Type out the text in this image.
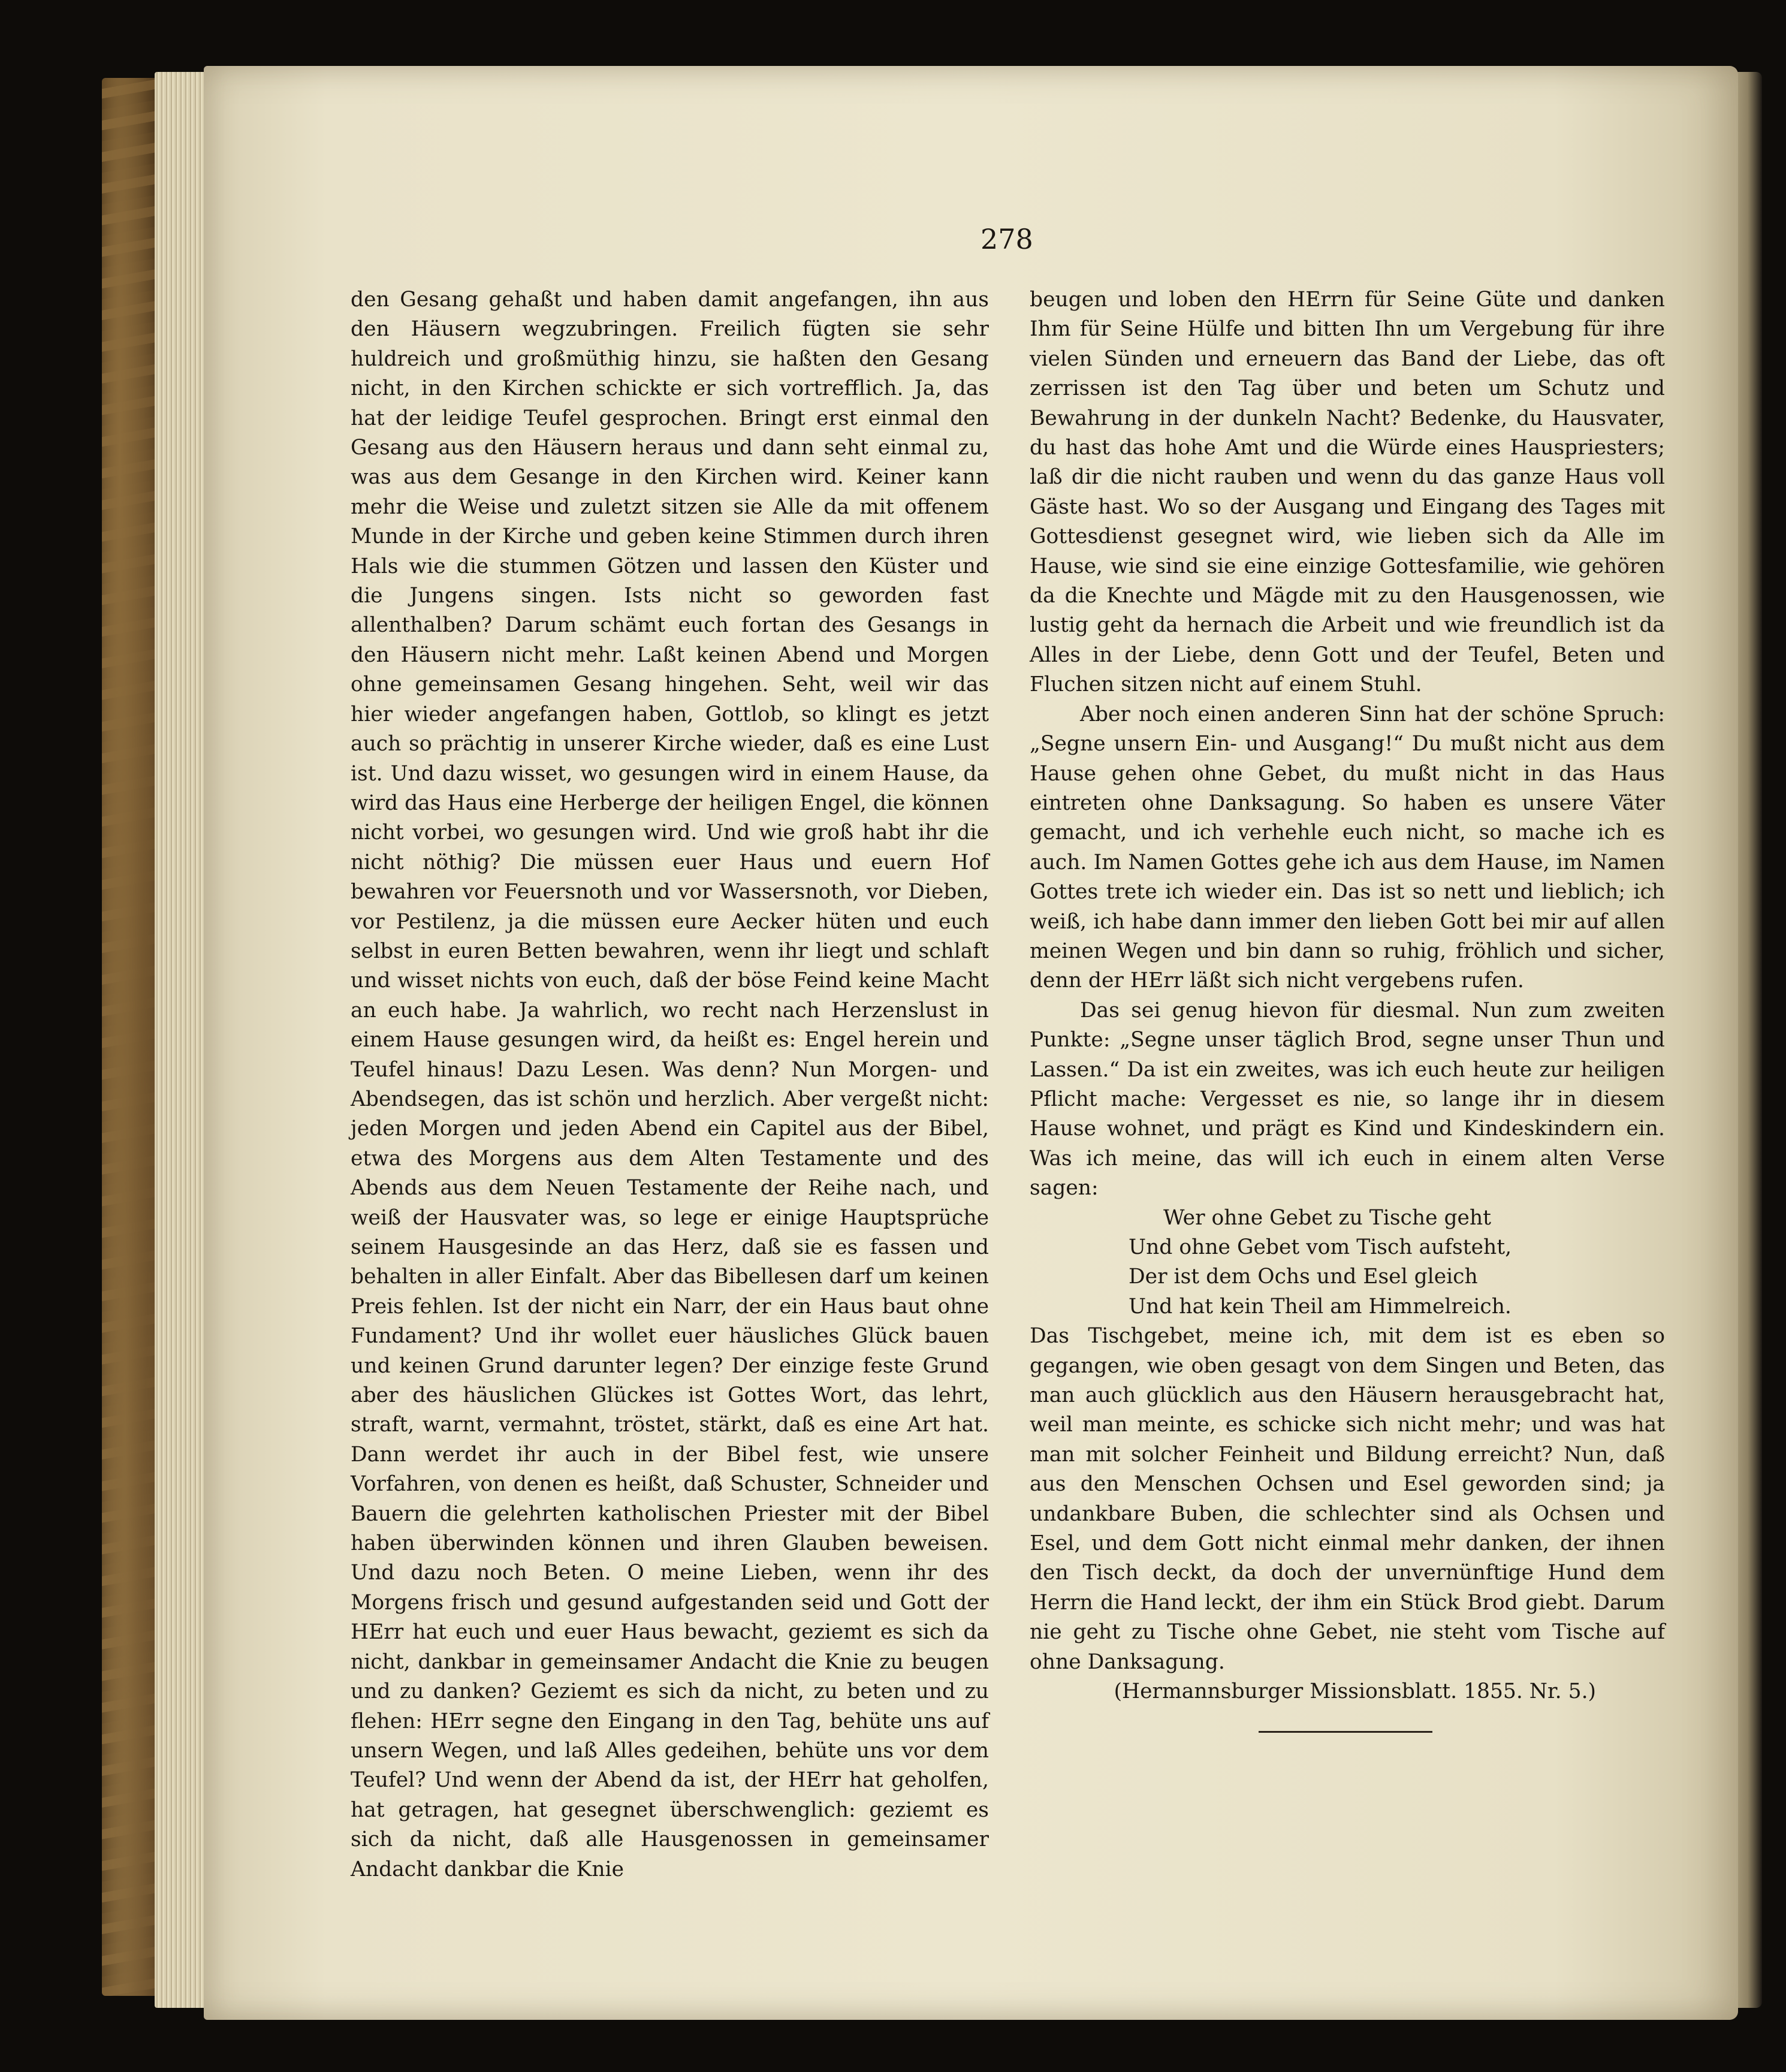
278

den Gesang gehaßt und haben damit angefangen, ihn aus den Häusern wegzubringen. Freilich fügten sie sehr huldreich und großmüthig hinzu, sie haßten den Gesang nicht, in den Kirchen schickte er sich vortrefflich. Ja, das hat der leidige Teufel gesprochen. Bringt erst einmal den Gesang aus den Häusern heraus und dann seht einmal zu, was aus dem Gesange in den Kirchen wird. Keiner kann mehr die Weise und zuletzt sitzen sie Alle da mit offenem Munde in der Kirche und geben keine Stimmen durch ihren Hals wie die stummen Götzen und lassen den Küster und die Jungens singen. Ists nicht so geworden fast allenthalben? Darum schämt euch fortan des Gesangs in den Häusern nicht mehr. Laßt keinen Abend und Morgen ohne gemeinsamen Gesang hingehen. Seht, weil wir das hier wieder angefangen haben, Gottlob, so klingt es jetzt auch so prächtig in unserer Kirche wieder, daß es eine Lust ist. Und dazu wisset, wo gesungen wird in einem Hause, da wird das Haus eine Herberge der heiligen Engel, die können nicht vorbei, wo gesungen wird. Und wie groß habt ihr die nicht nöthig? Die müssen euer Haus und euern Hof bewahren vor Feuersnoth und vor Wassersnoth, vor Dieben, vor Pestilenz, ja die müssen eure Aecker hüten und euch selbst in euren Betten bewahren, wenn ihr liegt und schlaft und wisset nichts von euch, daß der böse Feind keine Macht an euch habe. Ja wahrlich, wo recht nach Herzenslust in einem Hause gesungen wird, da heißt es: Engel herein und Teufel hinaus! Dazu Lesen. Was denn? Nun Morgen- und Abendsegen, das ist schön und herzlich. Aber vergeßt nicht: jeden Morgen und jeden Abend ein Capitel aus der Bibel, etwa des Morgens aus dem Alten Testamente und des Abends aus dem Neuen Testamente der Reihe nach, und weiß der Hausvater was, so lege er einige Hauptsprüche seinem Hausgesinde an das Herz, daß sie es fassen und behalten in aller Einfalt. Aber das Bibellesen darf um keinen Preis fehlen. Ist der nicht ein Narr, der ein Haus baut ohne Fundament? Und ihr wollet euer häusliches Glück bauen und keinen Grund darunter legen? Der einzige feste Grund aber des häuslichen Glückes ist Gottes Wort, das lehrt, straft, warnt, vermahnt, tröstet, stärkt, daß es eine Art hat. Dann werdet ihr auch in der Bibel fest, wie unsere Vorfahren, von denen es heißt, daß Schuster, Schneider und Bauern die gelehrten katholischen Priester mit der Bibel haben überwinden können und ihren Glauben beweisen. Und dazu noch Beten. O meine Lieben, wenn ihr des Morgens frisch und gesund aufgestanden seid und Gott der HErr hat euch und euer Haus bewacht, geziemt es sich da nicht, dankbar in gemeinsamer Andacht die Knie zu beugen und zu danken? Geziemt es sich da nicht, zu beten und zu flehen: HErr segne den Eingang in den Tag, behüte uns auf unsern Wegen, und laß Alles gedeihen, behüte uns vor dem Teufel? Und wenn der Abend da ist, der HErr hat geholfen, hat getragen, hat gesegnet überschwenglich: geziemt es sich da nicht, daß alle Hausgenossen in gemeinsamer Andacht dankbar die Knie

beugen und loben den HErrn für Seine Güte und danken Ihm für Seine Hülfe und bitten Ihn um Vergebung für ihre vielen Sünden und erneuern das Band der Liebe, das oft zerrissen ist den Tag über und beten um Schutz und Bewahrung in der dunkeln Nacht? Bedenke, du Hausvater, du hast das hohe Amt und die Würde eines Hauspriesters; laß dir die nicht rauben und wenn du das ganze Haus voll Gäste hast. Wo so der Ausgang und Eingang des Tages mit Gottesdienst gesegnet wird, wie lieben sich da Alle im Hause, wie sind sie eine einzige Gottesfamilie, wie gehören da die Knechte und Mägde mit zu den Hausgenossen, wie lustig geht da hernach die Arbeit und wie freundlich ist da Alles in der Liebe, denn Gott und der Teufel, Beten und Fluchen sitzen nicht auf einem Stuhl.

Aber noch einen anderen Sinn hat der schöne Spruch: „Segne unsern Ein- und Ausgang!“ Du mußt nicht aus dem Hause gehen ohne Gebet, du mußt nicht in das Haus eintreten ohne Danksagung. So haben es unsere Väter gemacht, und ich verhehle euch nicht, so mache ich es auch. Im Namen Gottes gehe ich aus dem Hause, im Namen Gottes trete ich wieder ein. Das ist so nett und lieblich; ich weiß, ich habe dann immer den lieben Gott bei mir auf allen meinen Wegen und bin dann so ruhig, fröhlich und sicher, denn der HErr läßt sich nicht vergebens rufen.

Das sei genug hievon für diesmal. Nun zum zweiten Punkte: „Segne unser täglich Brod, segne unser Thun und Lassen.“ Da ist ein zweites, was ich euch heute zur heiligen Pflicht mache: Vergesset es nie, so lange ihr in diesem Hause wohnet, und prägt es Kind und Kindeskindern ein. Was ich meine, das will ich euch in einem alten Verse sagen:

Wer ohne Gebet zu Tische geht
Und ohne Gebet vom Tisch aufsteht,
Der ist dem Ochs und Esel gleich
Und hat kein Theil am Himmelreich.

Das Tischgebet, meine ich, mit dem ist es eben so gegangen, wie oben gesagt von dem Singen und Beten, das man auch glücklich aus den Häusern herausgebracht hat, weil man meinte, es schicke sich nicht mehr; und was hat man mit solcher Feinheit und Bildung erreicht? Nun, daß aus den Menschen Ochsen und Esel geworden sind; ja undankbare Buben, die schlechter sind als Ochsen und Esel, und dem Gott nicht einmal mehr danken, der ihnen den Tisch deckt, da doch der unvernünftige Hund dem Herrn die Hand leckt, der ihm ein Stück Brod giebt. Darum nie geht zu Tische ohne Gebet, nie steht vom Tische auf ohne Danksagung.

(Hermannsburger Missionsblatt. 1855. Nr. 5.)
